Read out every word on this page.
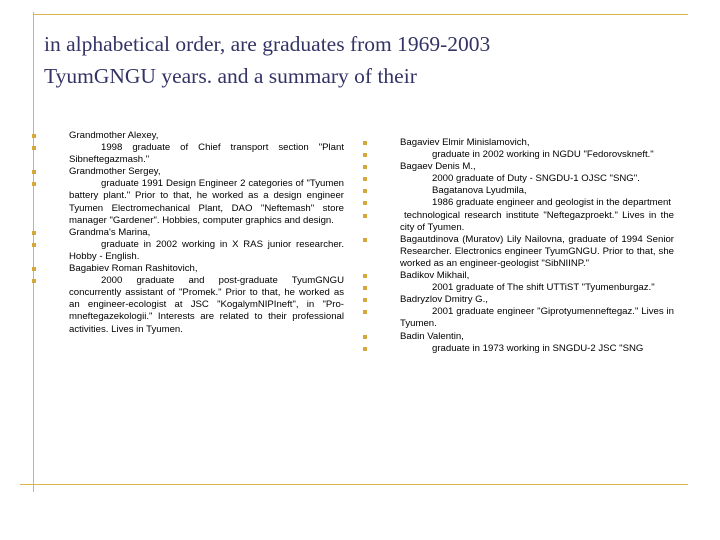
in alphabetical order, are graduates from 1969-2003
TyumGNGU years. and a summary of their
Grandmother Alexey,
1998 graduate of Chief transport section "Plant Sibneftegazmash."
Grandmother Sergey,
graduate 1991 Design Engineer 2 categories of "Tyumen battery plant." Prior to that, he worked as a design engineer Tyumen Electromechanical Plant, DAO "Neftemash" store manager "Gardener". Hobbies, computer graphics and design.
Grandma's Marina,
graduate in 2002 working in X RAS junior researcher. Hobby - English.
Bagabiev Roman Rashitovich,
2000 graduate and post-graduate TyumGNGU concurrently assistant of "Promek." Prior to that, he worked as an engineer-ecologist at JSC "KogalymNIPIneft", in "Pro-mneftegazekologii." Interests are related to their professional activities. Lives in Tyumen.
Bagaviev Elmir Minislamovich,
graduate in 2002 working in NGDU "Fedorovskneft."
Bagaev Denis M.,
2000 graduate of Duty - SNGDU-1 OJSC "SNG".
Bagatanova Lyudmila,
1986 graduate engineer and geologist in the department
technological research institute "Neftegazproekt." Lives in the city of Tyumen.
Bagautdinova (Muratov) Lily Nailovna, graduate of 1994 Senior Researcher. Electronics engineer TyumGNGU. Prior to that, she worked as an engineer-geologist "SibNIINP."
Badikov Mikhail,
2001 graduate of The shift UTTiST "Tyumenburgaz."
Badryzlov Dmitry G.,
2001 graduate engineer "Giprotyumenneftegaz." Lives in Tyumen.
Badin Valentin,
graduate in 1973 working in SNGDU-2 JSC "SNG
